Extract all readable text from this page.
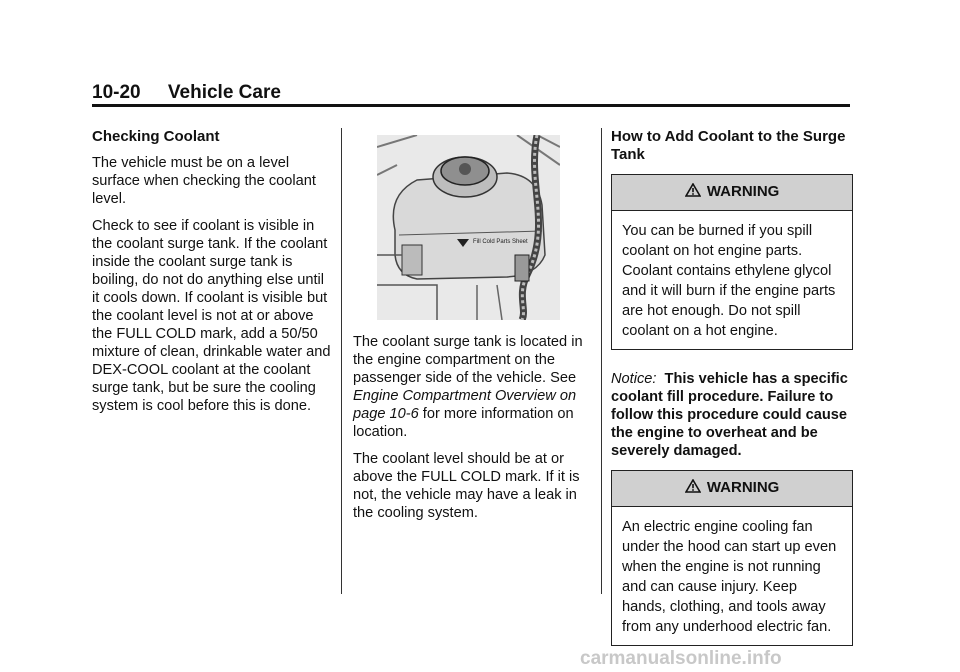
10-20 Vehicle Care
Checking Coolant

The vehicle must be on a level surface when checking the coolant level.

Check to see if coolant is visible in the coolant surge tank. If the coolant inside the coolant surge tank is boiling, do not do anything else until it cools down. If coolant is visible but the coolant level is not at or above the FULL COLD mark, add a 50/50 mixture of clean, drinkable water and DEX-COOL coolant at the coolant surge tank, but be sure the cooling system is cool before this is done.

Fill Cold Parts Sheet

The coolant surge tank is located in the engine compartment on the passenger side of the vehicle. See Engine Compartment Overview on page 10-6 for more information on location.

The coolant level should be at or above the FULL COLD mark. If it is not, the vehicle may have a leak in the cooling system.

How to Add Coolant to the Surge Tank
WARNING
You can be burned if you spill coolant on hot engine parts. Coolant contains ethylene glycol and it will burn if the engine parts are hot enough. Do not spill coolant on a hot engine.
Notice: This vehicle has a specific coolant fill procedure. Failure to follow this procedure could cause the engine to overheat and be severely damaged.
WARNING
An electric engine cooling fan under the hood can start up even when the engine is not running and can cause injury. Keep hands, clothing, and tools away from any underhood electric fan.
carmanualsonline.info
